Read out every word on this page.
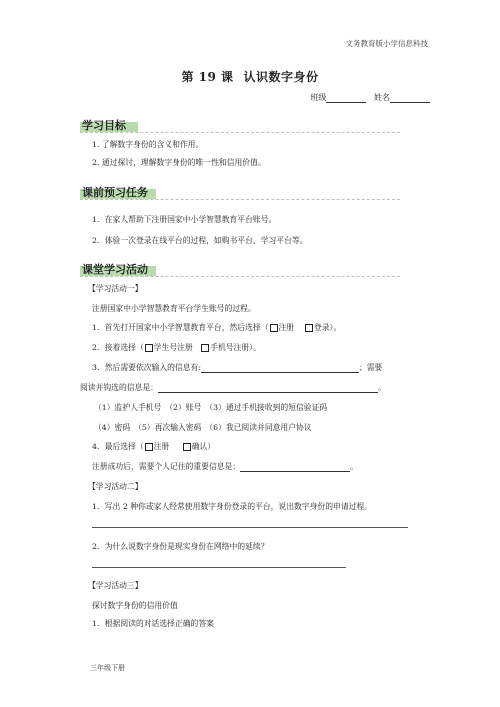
文务教育版小学信息科技
第 19 课 认识数字身份
班级	姓名
学习目标
1. 了解数字身份的含义和作用。
2. 通过探讨，理解数字身份的唯一性和信用价值。
课前预习任务
1．在家人帮助下注册国家中小学智慧教育平台账号。
2．体验一次登录在线平台的过程，如购书平台、学习平台等。
课堂学习活动
【学习活动一】
注册国家中小学智慧教育平台学生账号的过程。
1．首先打开国家中小学智慧教育平台，然后选择（ 注册	登录）。
2．接着选择（ 学生号注册 手机号注册）。
3．然后需要依次输入的信息有:	；需要
阅读并钩选的信息是：	。
（1）监护人手机号　（2）账号　（3）通过手机接收到的短信验证码
（4）密码　（5）再次输入密码　（6）我已阅读并同意用户协议
4．最后选择（ 注册	确认）
注册成功后，需要个人记住的重要信息是：	。
【学习活动二】
1．写出 2 种你或家人经常使用数字身份登录的平台，说出数字身份的申请过程。
2．为什么说数字身份是现实身份在网络中的延续？
【学习活动三】
探讨数字身份的信用价值
1．根据阅读的对话选择正确的答案
三年级下册
